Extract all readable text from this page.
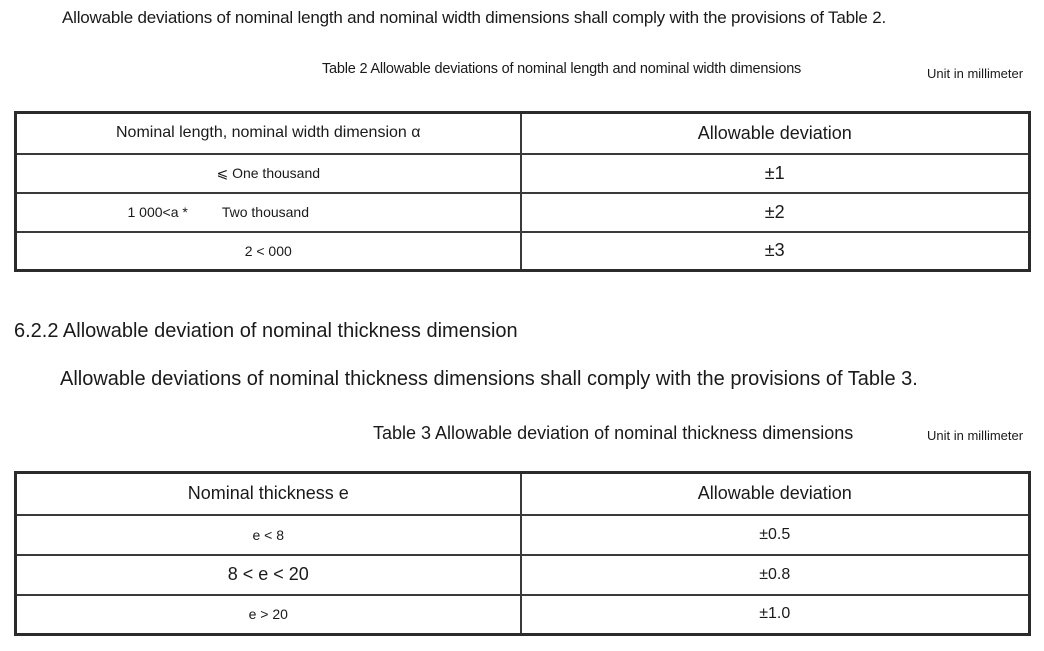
Allowable deviations of nominal length and nominal width dimensions shall comply with the provisions of Table 2.
Table 2 Allowable deviations of nominal length and nominal width dimensions	Unit in millimeter
Nominal length, nominal width dimension α	Allowable deviation
⩽ One thousand	±1
1 000<a * Two thousand	±2
2 < 000	±3
6.2.2 Allowable deviation of nominal thickness dimension
Allowable deviations of nominal thickness dimensions shall comply with the provisions of Table 3.
Table 3 Allowable deviation of nominal thickness dimensions	Unit in millimeter
Nominal thickness e	Allowable deviation
e < 8	±0.5
8 < e < 20	±0.8
e > 20	±1.0
